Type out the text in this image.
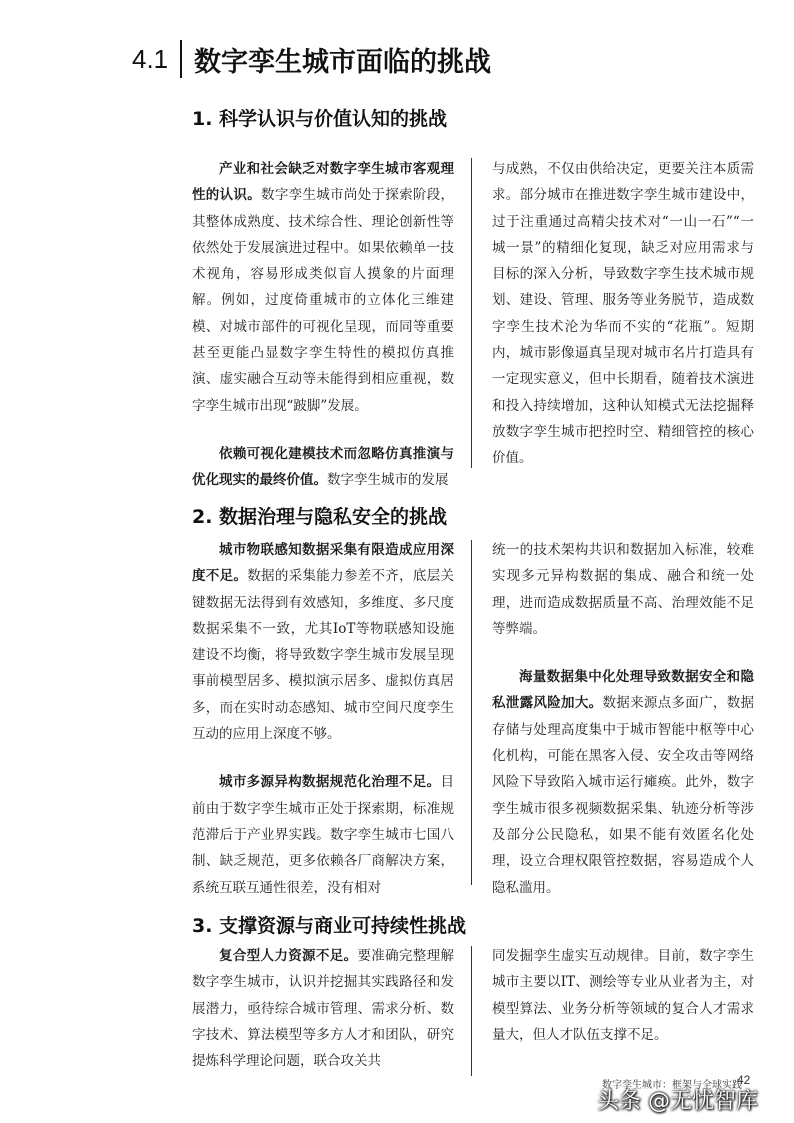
4.1 数字孪生城市面临的挑战
1. 科学认识与价值认知的挑战

产业和社会缺乏对数字孪生城市客观理性的认识。数字孪生城市尚处于探索阶段，其整体成熟度、技术综合性、理论创新性等依然处于发展演进过程中。如果依赖单一技术视角，容易形成类似盲人摸象的片面理解。例如，过度倚重城市的立体化三维建模、对城市部件的可视化呈现，而同等重要甚至更能凸显数字孪生特性的模拟仿真推演、虚实融合互动等未能得到相应重视，数字孪生城市出现“跛脚”发展。

依赖可视化建模技术而忽略仿真推演与优化现实的最终价值。数字孪生城市的发展

与成熟，不仅由供给决定，更要关注本质需求。部分城市在推进数字孪生城市建设中，过于注重通过高精尖技术对“一山一石”“一城一景”的精细化复现，缺乏对应用需求与目标的深入分析，导致数字孪生技术城市规划、建设、管理、服务等业务脱节，造成数字孪生技术沦为华而不实的“花瓶”。短期内，城市影像逼真呈现对城市名片打造具有一定现实意义，但中长期看，随着技术演进和投入持续增加，这种认知模式无法挖掘释放数字孪生城市把控时空、精细管控的核心价值。

2. 数据治理与隐私安全的挑战

城市物联感知数据采集有限造成应用深度不足。数据的采集能力参差不齐，底层关键数据无法得到有效感知，多维度、多尺度数据采集不一致，尤其IoT等物联感知设施建设不均衡，将导致数字孪生城市发展呈现事前模型居多、模拟演示居多、虚拟仿真居多，而在实时动态感知、城市空间尺度孪生互动的应用上深度不够。

城市多源异构数据规范化治理不足。目前由于数字孪生城市正处于探索期，标准规范滞后于产业界实践。数字孪生城市七国八制、缺乏规范，更多依赖各厂商解决方案，系统互联互通性很差，没有相对

统一的技术架构共识和数据加入标准，较难实现多元异构数据的集成、融合和统一处理，进而造成数据质量不高、治理效能不足等弊端。

海量数据集中化处理导致数据安全和隐私泄露风险加大。数据来源点多面广，数据存储与处理高度集中于城市智能中枢等中心化机构，可能在黑客入侵、安全攻击等网络风险下导致陷入城市运行瘫痪。此外，数字孪生城市很多视频数据采集、轨迹分析等涉及部分公民隐私，如果不能有效匿名化处理，设立合理权限管控数据，容易造成个人隐私滥用。

3. 支撑资源与商业可持续性挑战

复合型人力资源不足。要准确完整理解数字孪生城市，认识并挖掘其实践路径和发展潜力，亟待综合城市管理、需求分析、数字技术、算法模型等多方人才和团队，研究提炼科学理论问题，联合攻关共

同发掘孪生虚实互动规律。目前，数字孪生城市主要以IT、测绘等专业从业者为主，对模型算法、业务分析等领域的复合人才需求量大，但人才队伍支撑不足。

数字孪生城市：框架与全球实践
42
头条 @无忧智库
